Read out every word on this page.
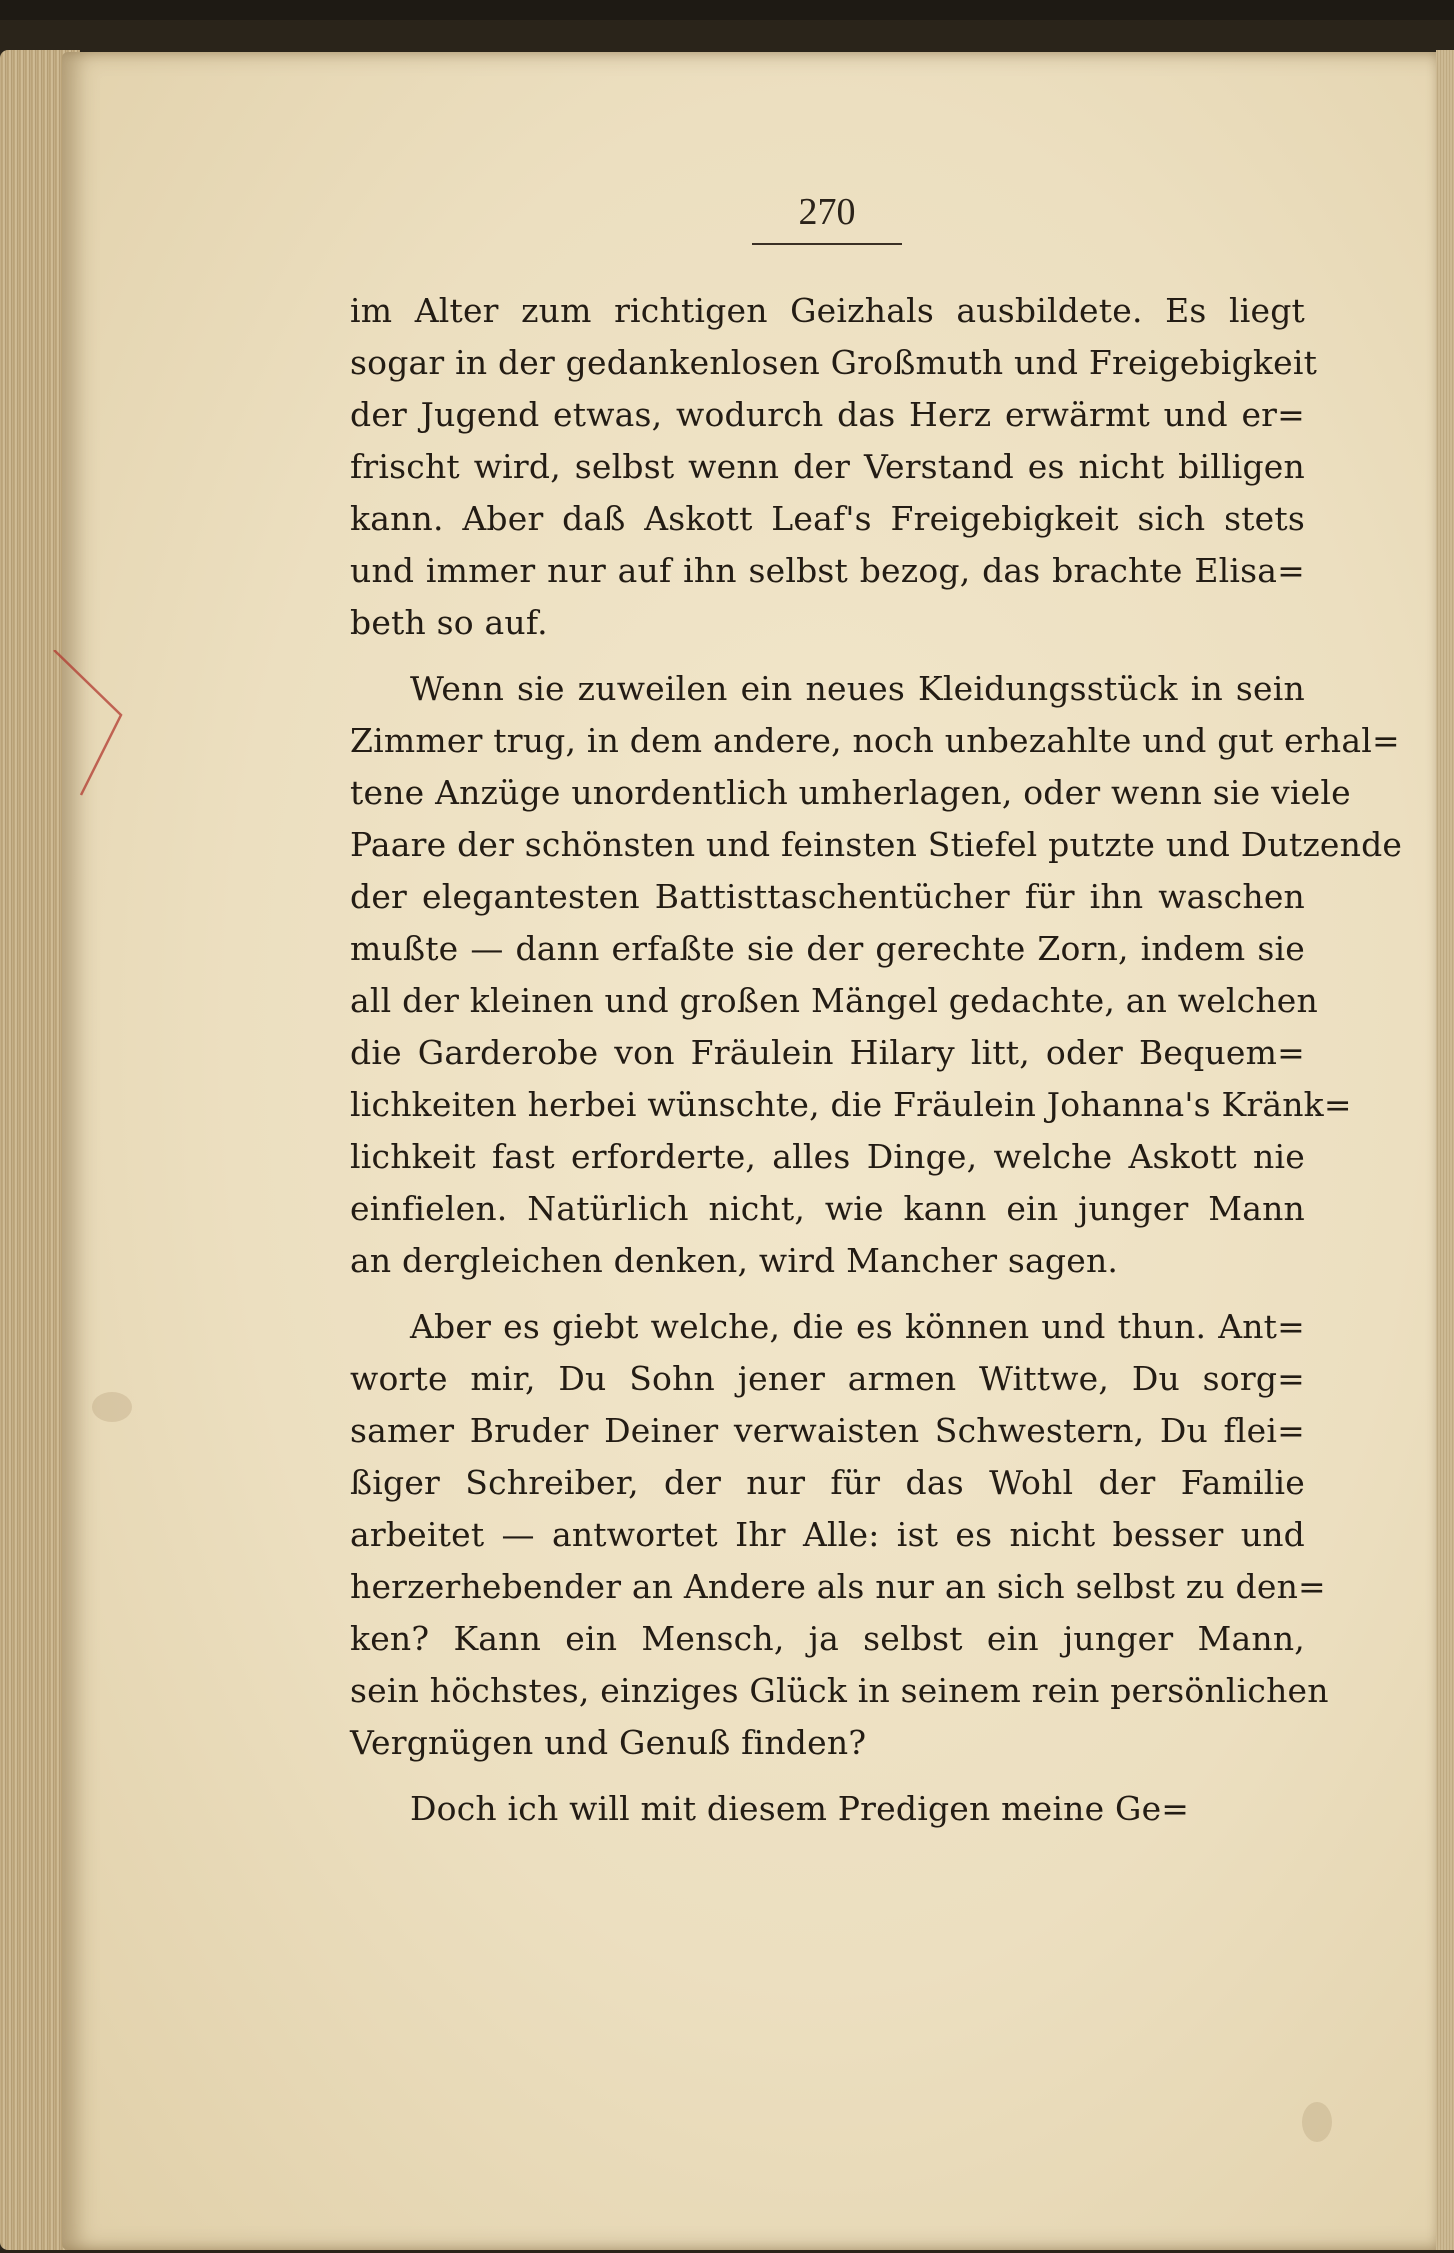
270
im Alter zum richtigen Geizhals ausbildete. Es liegt
sogar in der gedankenlosen Großmuth und Freigebigkeit
der Jugend etwas, wodurch das Herz erwärmt und er=
frischt wird, selbst wenn der Verstand es nicht billigen
kann. Aber daß Askott Leaf's Freigebigkeit sich stets
und immer nur auf ihn selbst bezog, das brachte Elisa=
beth so auf.
Wenn sie zuweilen ein neues Kleidungsstück in sein
Zimmer trug, in dem andere, noch unbezahlte und gut erhal=
tene Anzüge unordentlich umherlagen, oder wenn sie viele
Paare der schönsten und feinsten Stiefel putzte und Dutzende
der elegantesten Battisttaschentücher für ihn waschen
mußte — dann erfaßte sie der gerechte Zorn, indem sie
all der kleinen und großen Mängel gedachte, an welchen
die Garderobe von Fräulein Hilary litt, oder Bequem=
lichkeiten herbei wünschte, die Fräulein Johanna's Kränk=
lichkeit fast erforderte, alles Dinge, welche Askott nie
einfielen. Natürlich nicht, wie kann ein junger Mann
an dergleichen denken, wird Mancher sagen.
Aber es giebt welche, die es können und thun. Ant=
worte mir, Du Sohn jener armen Wittwe, Du sorg=
samer Bruder Deiner verwaisten Schwestern, Du flei=
ßiger Schreiber, der nur für das Wohl der Familie
arbeitet — antwortet Ihr Alle: ist es nicht besser und
herzerhebender an Andere als nur an sich selbst zu den=
ken? Kann ein Mensch, ja selbst ein junger Mann,
sein höchstes, einziges Glück in seinem rein persönlichen
Vergnügen und Genuß finden?
Doch ich will mit diesem Predigen meine Ge=
